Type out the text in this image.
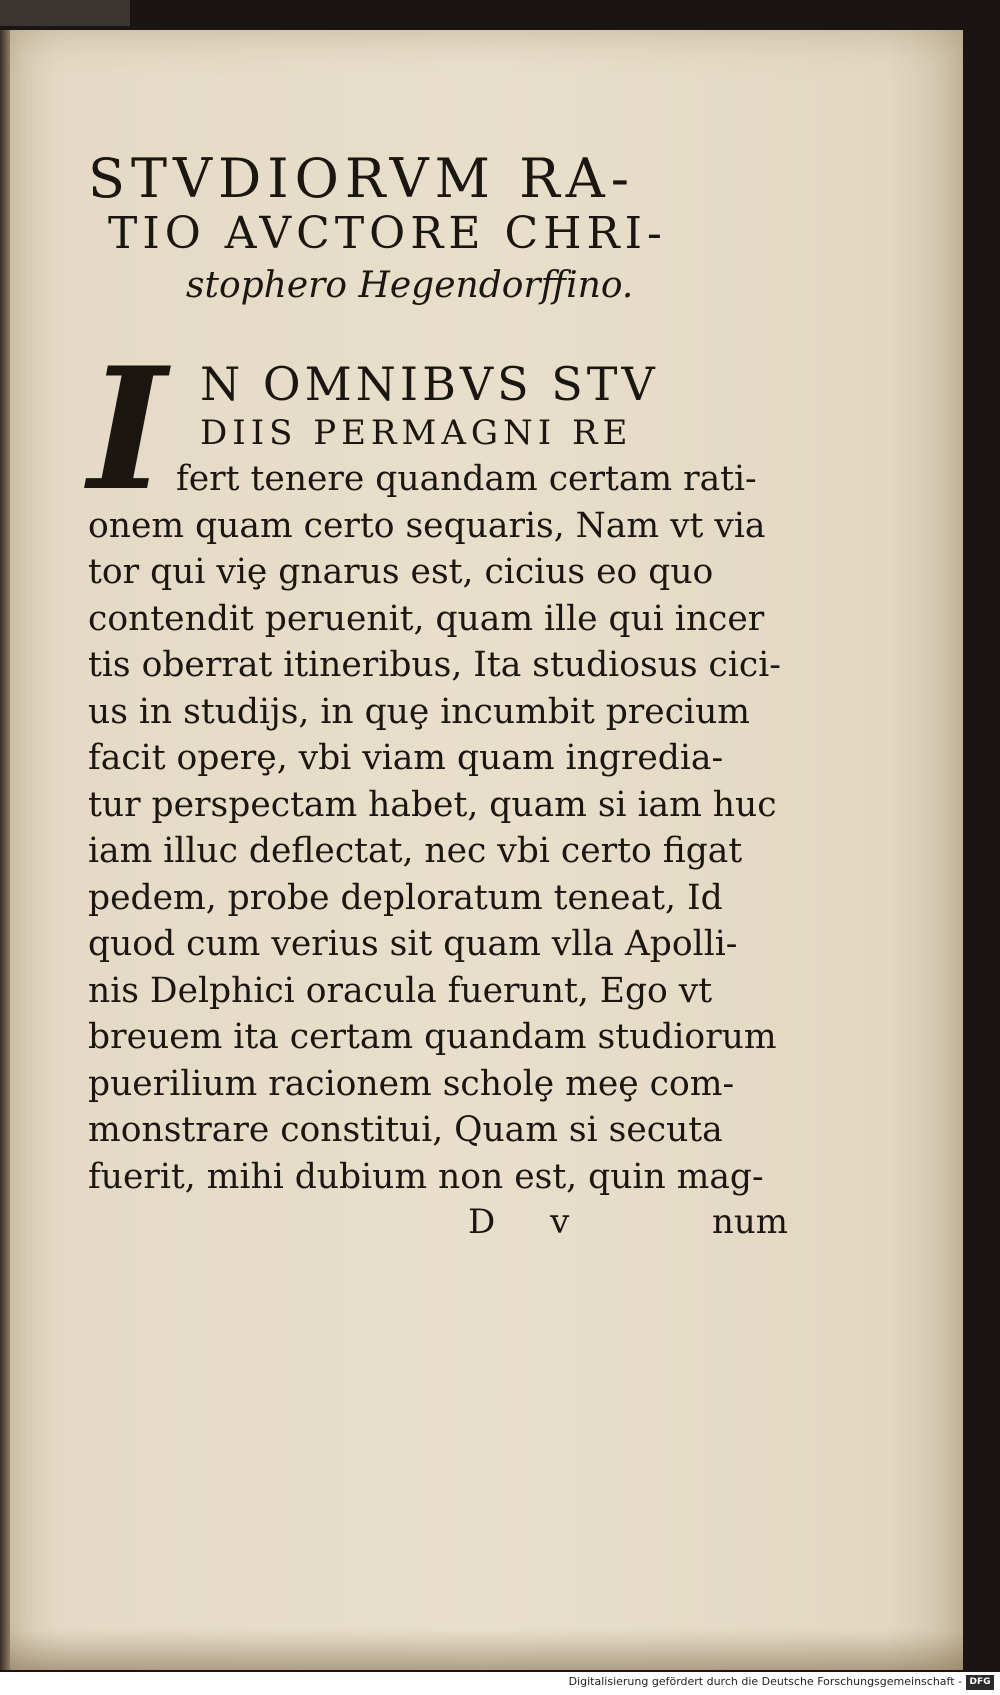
STVDIORVM RA-
TIO AVCTORE CHRI-
stophero Hegendorffino.
I N OMNIBVS STV
DIIS PERMAGNI RE
fert tenere quandam certam rati-
onem quam certo sequaris, Nam vt via
tor qui viȩ gnarus est, cicius eo quo
contendit peruenit, quam ille qui incer
tis oberrat itineribus, Ita studiosus cici-
us in studijs, in quȩ incumbit precium
facit operȩ, vbi viam quam ingredia-
tur perspectam habet, quam si iam huc
iam illuc deflectat, nec vbi certo figat
pedem, probe deploratum teneat, Id
quod cum verius sit quam vlla Apolli-
nis Delphici oracula fuerunt, Ego vt
breuem ita certam quandam studiorum
puerilium racionem scholȩ meȩ com-
monstrare constitui, Quam si secuta
fuerit, mihi dubium non est, quin mag-
D v	num
Digitalisierung gefördert durch die Deutsche Forschungsgemeinschaft - DFG
